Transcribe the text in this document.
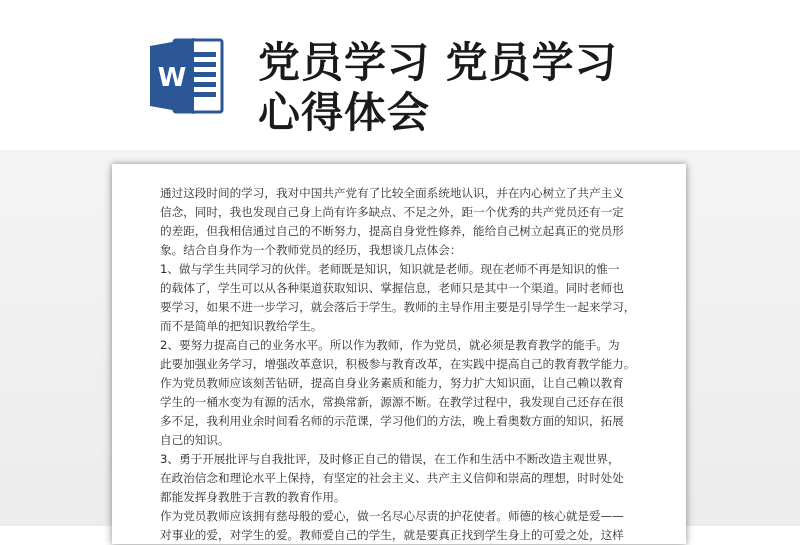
W 党员学习 党员学习
心得体会
通过这段时间的学习，我对中国共产党有了比较全面系统地认识，并在内心树立了共产主义
信念，同时，我也发现自己身上尚有许多缺点、不足之外，距一个优秀的共产党员还有一定
的差距，但我相信通过自己的不断努力，提高自身党性修养，能给自己树立起真正的党员形
象。结合自身作为一个教师党员的经历，我想谈几点体会：
1、做与学生共同学习的伙伴。老师既是知识，知识就是老师。现在老师不再是知识的惟一
的载体了，学生可以从各种渠道获取知识、掌握信息，老师只是其中一个渠道。同时老师也
要学习，如果不进一步学习，就会落后于学生。教师的主导作用主要是引导学生一起来学习，
而不是简单的把知识教给学生。
2、要努力提高自己的业务水平。所以作为教师，作为党员，就必须是教育教学的能手。为
此要加强业务学习，增强改革意识，积极参与教育改革，在实践中提高自己的教育教学能力。
作为党员教师应该刻苦钻研，提高自身业务素质和能力，努力扩大知识面，让自己赖以教育
学生的一桶水变为有源的活水，常换常新，源源不断。在教学过程中，我发现自己还存在很
多不足，我利用业余时间看名师的示范课，学习他们的方法，晚上看奥数方面的知识，拓展
自己的知识。
3、勇于开展批评与自我批评，及时修正自己的错误，在工作和生活中不断改造主观世界，
在政治信念和理论水平上保持，有坚定的社会主义、共产主义信仰和崇高的理想，时时处处
都能发挥身教胜于言教的教育作用。
作为党员教师应该拥有慈母般的爱心，做一名尽心尽责的护花使者。师德的核心就是爱——
对事业的爱，对学生的爱。教师爱自己的学生，就是要真正找到学生身上的可爱之处，这样
